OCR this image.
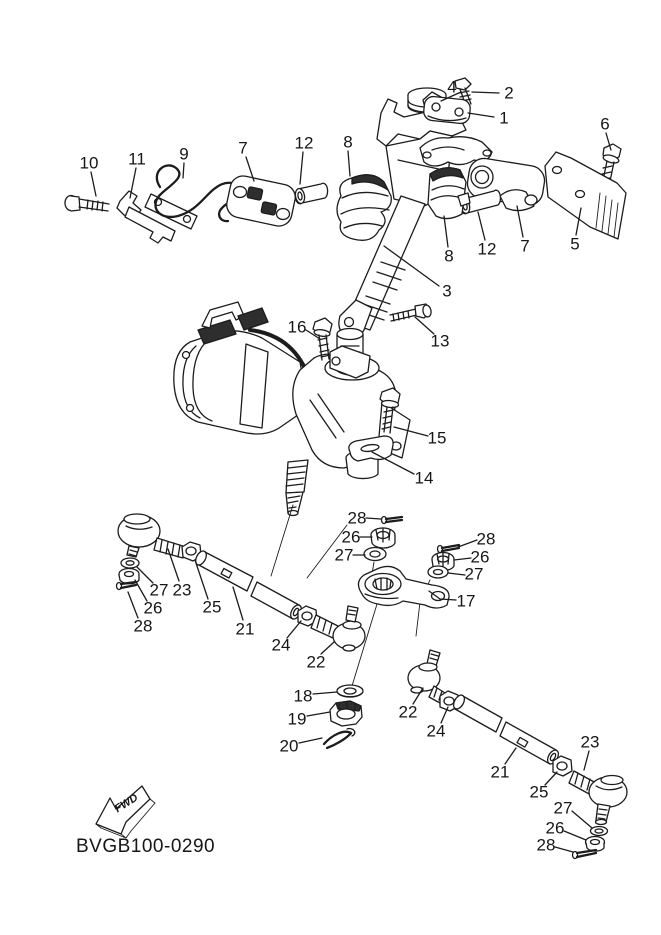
FWD
BVGB100-0290
4	2
1	6
10 11 9	7	12 8
8 12 7 5
3
13
16
15
14
28
26
27
28
26
27
17
27 23
26 25
28	21
24
22
18
19
20
22
24
21
25
23
27
26
28
